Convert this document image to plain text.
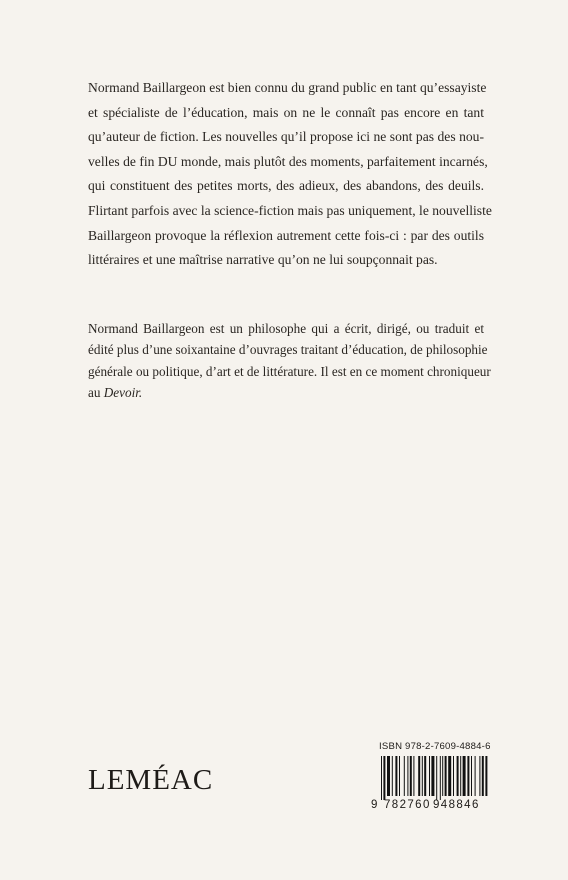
Normand Baillargeon est bien connu du grand public en tant qu’essayiste
et spécialiste de l’éducation, mais on ne le connaît pas encore en tant
qu’auteur de fiction. Les nouvelles qu’il propose ici ne sont pas des nou-
velles de fin DU monde, mais plutôt des moments, parfaitement incarnés,
qui constituent des petites morts, des adieux, des abandons, des deuils.
Flirtant parfois avec la science-fiction mais pas uniquement, le nouvelliste
Baillargeon provoque la réflexion autrement cette fois-ci : par des outils
littéraires et une maîtrise narrative qu’on ne lui soupçonnait pas.
Normand Baillargeon est un philosophe qui a écrit, dirigé, ou traduit et
édité plus d’une soixantaine d’ouvrages traitant d’éducation, de philosophie
générale ou politique, d’art et de littérature. Il est en ce moment chroniqueur
au Devoir.
LEMÉAC
ISBN 978-2-7609-4884-6
9 782760 948846
